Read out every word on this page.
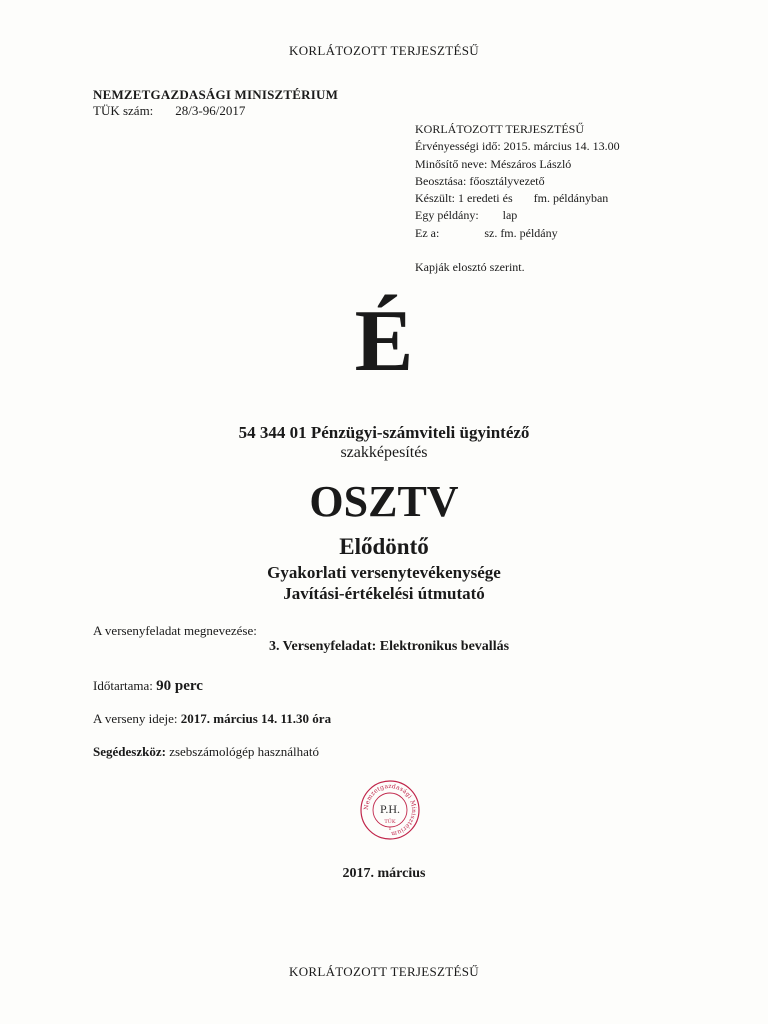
KORLÁTOZOTT TERJESZTÉSŰ
NEMZETGAZDASÁGI MINISZTÉRIUM
TÜK szám: 28/3-96/2017
KORLÁTOZOTT TERJESZTÉSŰ
Érvényességi idő: 2015. március 14. 13.00
Minősítő neve: Mészáros László
Beosztása: főosztályvezető
Készült: 1 eredeti és       fm. példányban
Egy példány:        lap
Ez a:               sz. fm. példány
Kapják elosztó szerint.
É
54 344 01 Pénzügyi-számviteli ügyintéző
szakképesítés
OSZTV
Elődöntő
Gyakorlati versenytevékenysége
Javítási-értékelési útmutató
A versenyfeladat megnevezése:
3. Versenyfeladat: Elektronikus bevallás
Időtartama: 90 perc
A verseny ideje: 2017. március 14. 11.30 óra
Segédeszköz: zsebszámológép használható
Nemzetgazdasági Minisztérium
P.H.
TÜK
1
2017. március
KORLÁTOZOTT TERJESZTÉSŰ
